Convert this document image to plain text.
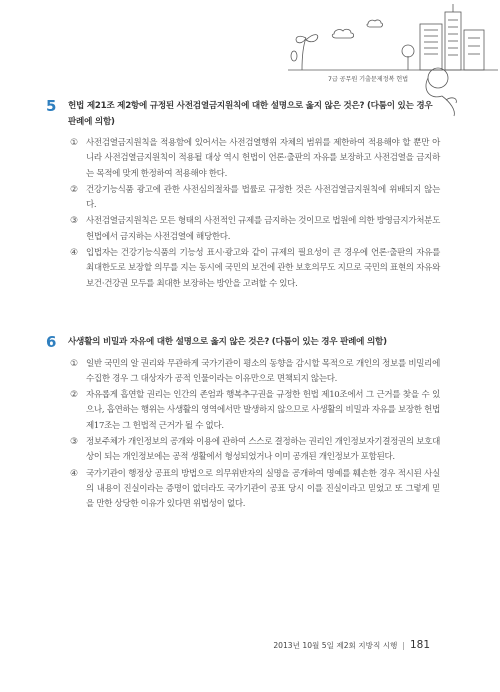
7급 공무원 기출문제정복 헌법
5 헌법 제21조 제2항에 규정된 사전검열금지원칙에 대한 설명으로 옳지 않은 것은? (다툼이 있는 경우 판례에 의함)

① 사전검열금지원칙을 적용함에 있어서는 사전검열행위 자체의 범위를 제한하여 적용해야 할 뿐만 아니라 사전검열금지원칙이 적용될 대상 역시 헌법이 언론·출판의 자유를 보장하고 사전검열을 금지하는 목적에 맞게 한정하여 적용해야 한다.
② 건강기능식품 광고에 관한 사전심의절차를 법률로 규정한 것은 사전검열금지원칙에 위배되지 않는다.
③ 사전검열금지원칙은 모든 형태의 사전적인 규제를 금지하는 것이므로 법원에 의한 방영금지가처분도 헌법에서 금지하는 사전검열에 해당한다.
④ 입법자는 건강기능식품의 기능성 표시·광고와 같이 규제의 필요성이 큰 경우에 언론·출판의 자유를 최대한도로 보장할 의무를 지는 동시에 국민의 보건에 관한 보호의무도 지므로 국민의 표현의 자유와 보건·건강권 모두를 최대한 보장하는 방안을 고려할 수 있다.
6 사생활의 비밀과 자유에 대한 설명으로 옳지 않은 것은? (다툼이 있는 경우 판례에 의함)

① 일반 국민의 알 권리와 무관하게 국가기관이 평소의 동향을 감시할 목적으로 개인의 정보를 비밀리에 수집한 경우 그 대상자가 공적 인물이라는 이유만으로 면책되지 않는다.
② 자유롭게 흡연할 권리는 인간의 존엄과 행복추구권을 규정한 헌법 제10조에서 그 근거를 찾을 수 있으나, 흡연하는 행위는 사생활의 영역에서만 발생하지 않으므로 사생활의 비밀과 자유를 보장한 헌법 제17조는 그 헌법적 근거가 될 수 없다.
③ 정보주체가 개인정보의 공개와 이용에 관하여 스스로 결정하는 권리인 개인정보자기결정권의 보호대상이 되는 개인정보에는 공적 생활에서 형성되었거나 이미 공개된 개인정보가 포함된다.
④ 국가기관이 행정상 공표의 방법으로 의무위반자의 실명을 공개하여 명예를 훼손한 경우 적시된 사실의 내용이 진실이라는 증명이 없더라도 국가기관이 공표 당시 이를 진실이라고 믿었고 또 그렇게 믿을 만한 상당한 이유가 있다면 위법성이 없다.
2013년 10월 5일 제2회 지방직 시행 | 181
